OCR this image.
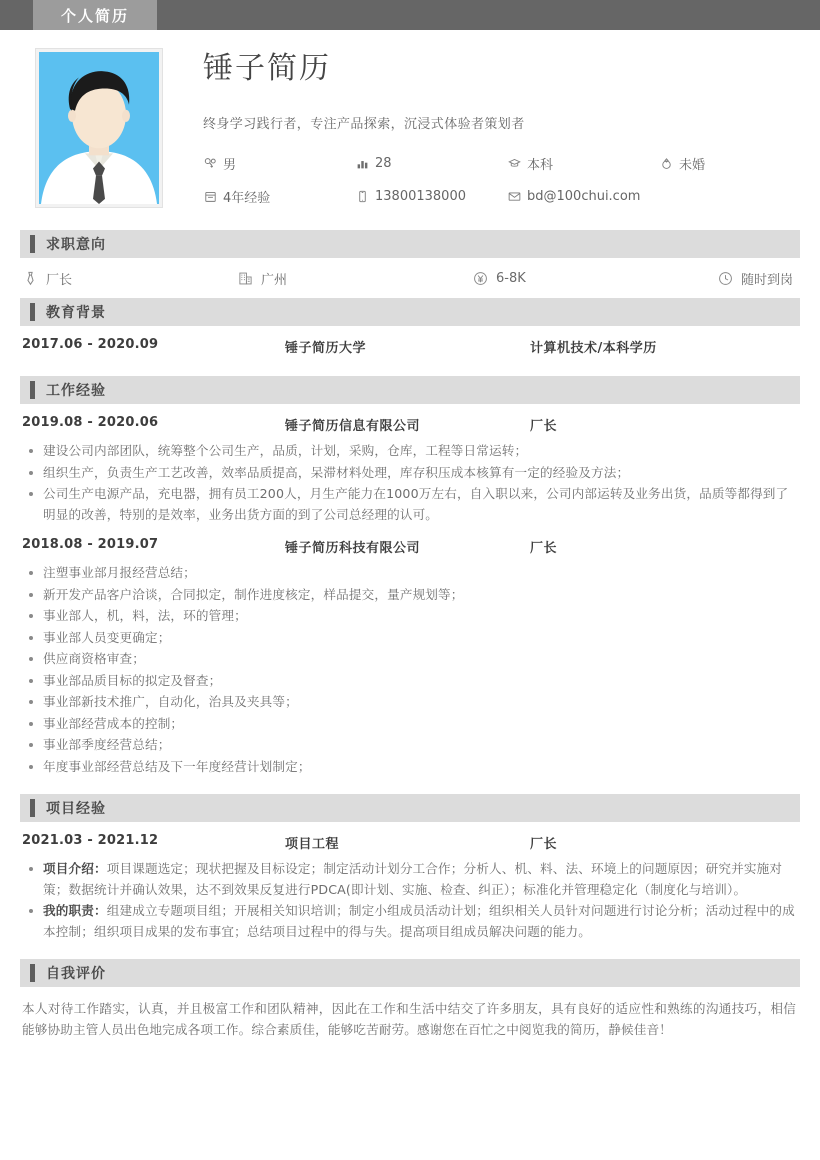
个人简历
锤子简历
终身学习践行者，专注产品探索，沉浸式体验者策划者
男	28	本科	未婚
4年经验	13800138000	bd@100chui.com
求职意向
厂长	广州	6-8K	随时到岗
教育背景
2017.06 - 2020.09	锤子简历大学	计算机技术/本科学历
工作经验
2019.08 - 2020.06	锤子简历信息有限公司	厂长
建设公司内部团队，统筹整个公司生产，品质，计划，采购，仓库，工程等日常运转；
组织生产，负责生产工艺改善，效率品质提高，呆滞材料处理，库存积压成本核算有一定的经验及方法；
公司生产电源产品，充电器，拥有员工200人，月生产能力在1000万左右，自入职以来，公司内部运转及业务出货，品质等都得到了明显的改善，特别的是效率，业务出货方面的到了公司总经理的认可。
2018.08 - 2019.07	锤子简历科技有限公司	厂长
注塑事业部月报经营总结；
新开发产品客户洽谈，合同拟定，制作进度核定，样品提交，量产规划等；
事业部人，机，料，法，环的管理；
事业部人员变更确定；
供应商资格审查；
事业部品质目标的拟定及督查；
事业部新技术推广，自动化，治具及夹具等；
事业部经营成本的控制；
事业部季度经营总结；
年度事业部经营总结及下一年度经营计划制定；
项目经验
2021.03 - 2021.12	项目工程	厂长
项目介绍：项目课题选定；现状把握及目标设定；制定活动计划分工合作；分析人、机、料、法、环境上的问题原因；研究并实施对策；数据统计并确认效果，达不到效果反复进行PDCA(即计划、实施、检查、纠正）；标准化并管理稳定化（制度化与培训）。
我的职责：组建成立专题项目组；开展相关知识培训；制定小组成员活动计划；组织相关人员针对问题进行讨论分析；活动过程中的成本控制；组织项目成果的发布事宜；总结项目过程中的得与失。提高项目组成员解决问题的能力。
自我评价
本人对待工作踏实，认真，并且极富工作和团队精神，因此在工作和生活中结交了许多朋友，具有良好的适应性和熟练的沟通技巧，相信能够协助主管人员出色地完成各项工作。综合素质佳，能够吃苦耐劳。感谢您在百忙之中阅览我的简历，静候佳音！
